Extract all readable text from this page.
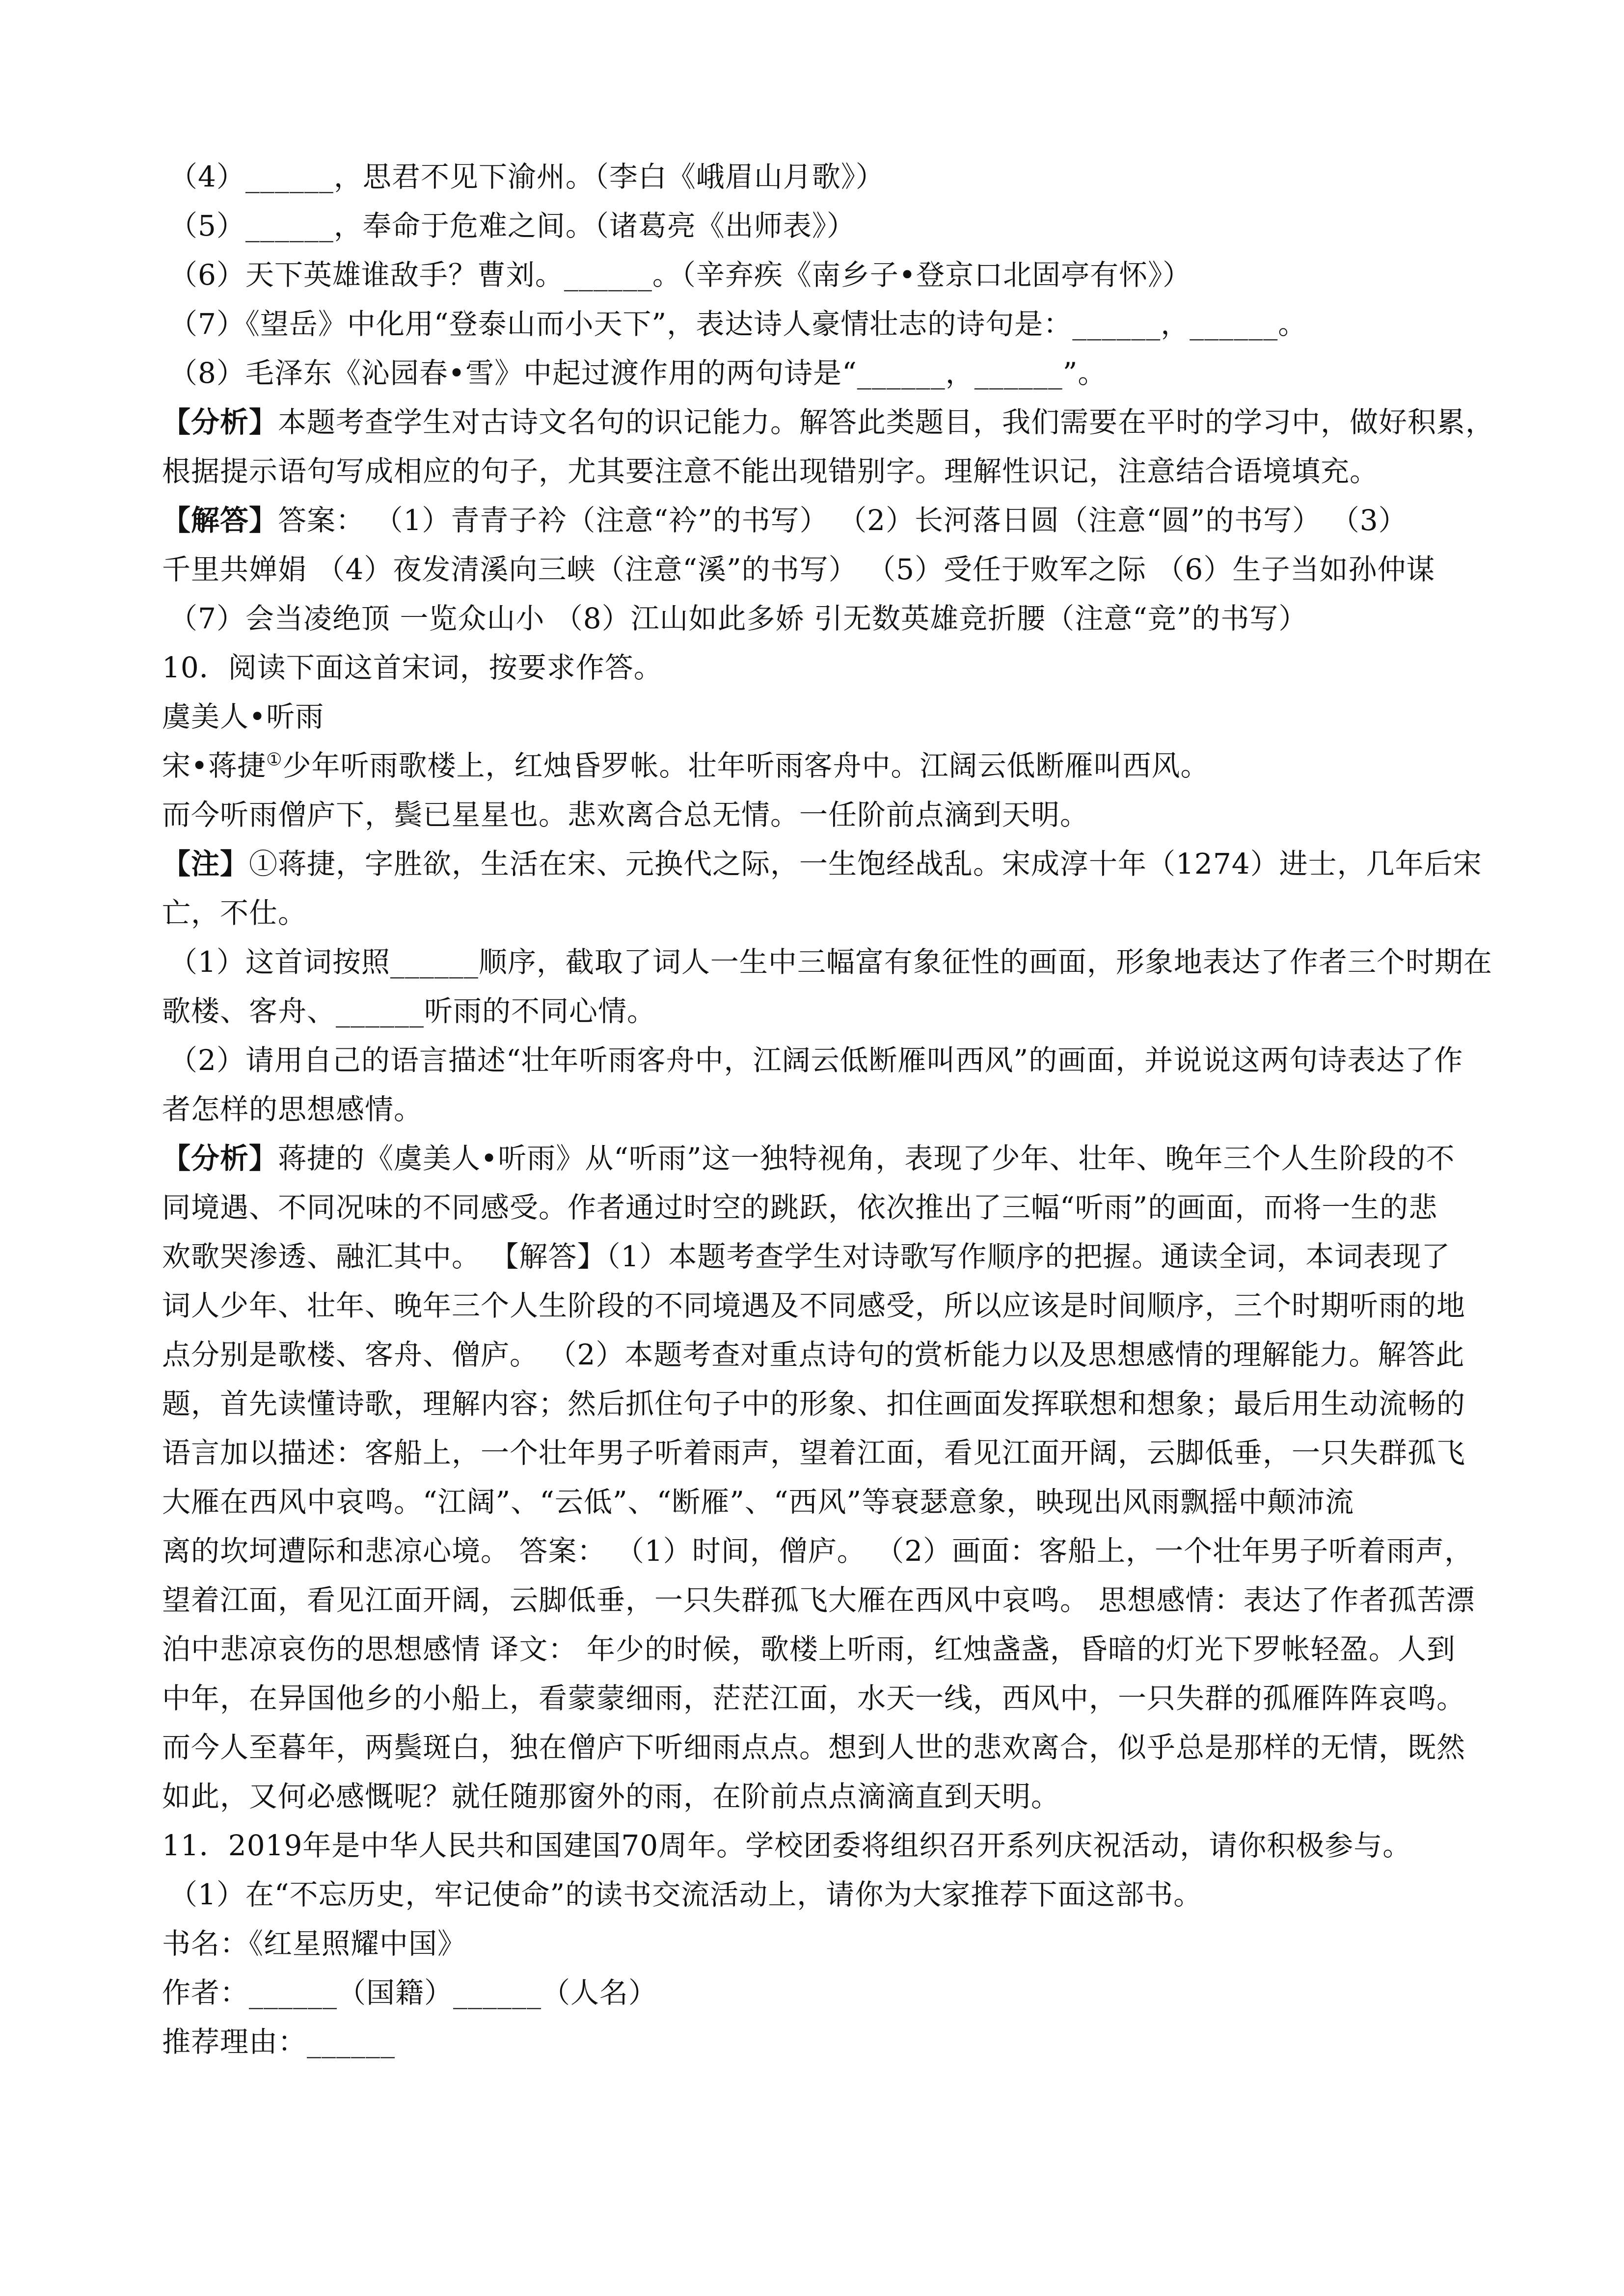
（4）______，思君不见下渝州。（李白《峨眉山月歌》）
（5）______，奉命于危难之间。（诸葛亮《出师表》）
（6）天下英雄谁敌手？曹刘。______。（辛弃疾《南乡子•登京口北固亭有怀》）
（7）《望岳》中化用“登泰山而小天下”，表达诗人豪情壮志的诗句是：______，______。
（8）毛泽东《沁园春•雪》中起过渡作用的两句诗是“______，______”。
【分析】本题考查学生对古诗文名句的识记能力。解答此类题目，我们需要在平时的学习中，做好积累，
根据提示语句写成相应的句子，尤其要注意不能出现错别字。理解性识记，注意结合语境填充。
【解答】答案： （1）青青子衿（注意“衿”的书写） （2）长河落日圆（注意“圆”的书写） （3）
千里共婵娟 （4）夜发清溪向三峡（注意“溪”的书写） （5）受任于败军之际 （6）生子当如孙仲谋
（7）会当凌绝顶 一览众山小 （8）江山如此多娇 引无数英雄竞折腰（注意“竞”的书写）
10．阅读下面这首宋词，按要求作答。
虞美人•听雨
宋•蒋捷①少年听雨歌楼上，红烛昏罗帐。壮年听雨客舟中。江阔云低断雁叫西风。
而今听雨僧庐下，鬓已星星也。悲欢离合总无情。一任阶前点滴到天明。
【注】①蒋捷，字胜欲，生活在宋、元换代之际，一生饱经战乱。宋成淳十年（1274）进士，几年后宋
亡，不仕。
（1）这首词按照______顺序，截取了词人一生中三幅富有象征性的画面，形象地表达了作者三个时期在
歌楼、客舟、______听雨的不同心情。
（2）请用自己的语言描述“壮年听雨客舟中，江阔云低断雁叫西风”的画面，并说说这两句诗表达了作
者怎样的思想感情。
【分析】蒋捷的《虞美人•听雨》从“听雨”这一独特视角，表现了少年、壮年、晚年三个人生阶段的不
同境遇、不同况味的不同感受。作者通过时空的跳跃，依次推出了三幅“听雨”的画面，而将一生的悲
欢歌哭渗透、融汇其中。 【解答】（1）本题考查学生对诗歌写作顺序的把握。通读全词，本词表现了
词人少年、壮年、晚年三个人生阶段的不同境遇及不同感受，所以应该是时间顺序，三个时期听雨的地
点分别是歌楼、客舟、僧庐。 （2）本题考查对重点诗句的赏析能力以及思想感情的理解能力。解答此
题，首先读懂诗歌，理解内容；然后抓住句子中的形象、扣住画面发挥联想和想象；最后用生动流畅的
语言加以描述：客船上，一个壮年男子听着雨声，望着江面，看见江面开阔，云脚低垂，一只失群孤飞
大雁在西风中哀鸣。“江阔”、“云低”、“断雁”、“西风”等衰瑟意象，映现出风雨飘摇中颠沛流
离的坎坷遭际和悲凉心境。 答案： （1）时间，僧庐。 （2）画面：客船上，一个壮年男子听着雨声，
望着江面，看见江面开阔，云脚低垂，一只失群孤飞大雁在西风中哀鸣。 思想感情：表达了作者孤苦漂
泊中悲凉哀伤的思想感情 译文： 年少的时候，歌楼上听雨，红烛盏盏，昏暗的灯光下罗帐轻盈。人到
中年，在异国他乡的小船上，看蒙蒙细雨，茫茫江面，水天一线，西风中，一只失群的孤雁阵阵哀鸣。
而今人至暮年，两鬓斑白，独在僧庐下听细雨点点。想到人世的悲欢离合，似乎总是那样的无情，既然
如此，又何必感慨呢？就任随那窗外的雨，在阶前点点滴滴直到天明。
11．2019年是中华人民共和国建国70周年。学校团委将组织召开系列庆祝活动，请你积极参与。
（1）在“不忘历史，牢记使命”的读书交流活动上，请你为大家推荐下面这部书。
书名：《红星照耀中国》
作者：______（国籍）______（人名）
推荐理由：______
